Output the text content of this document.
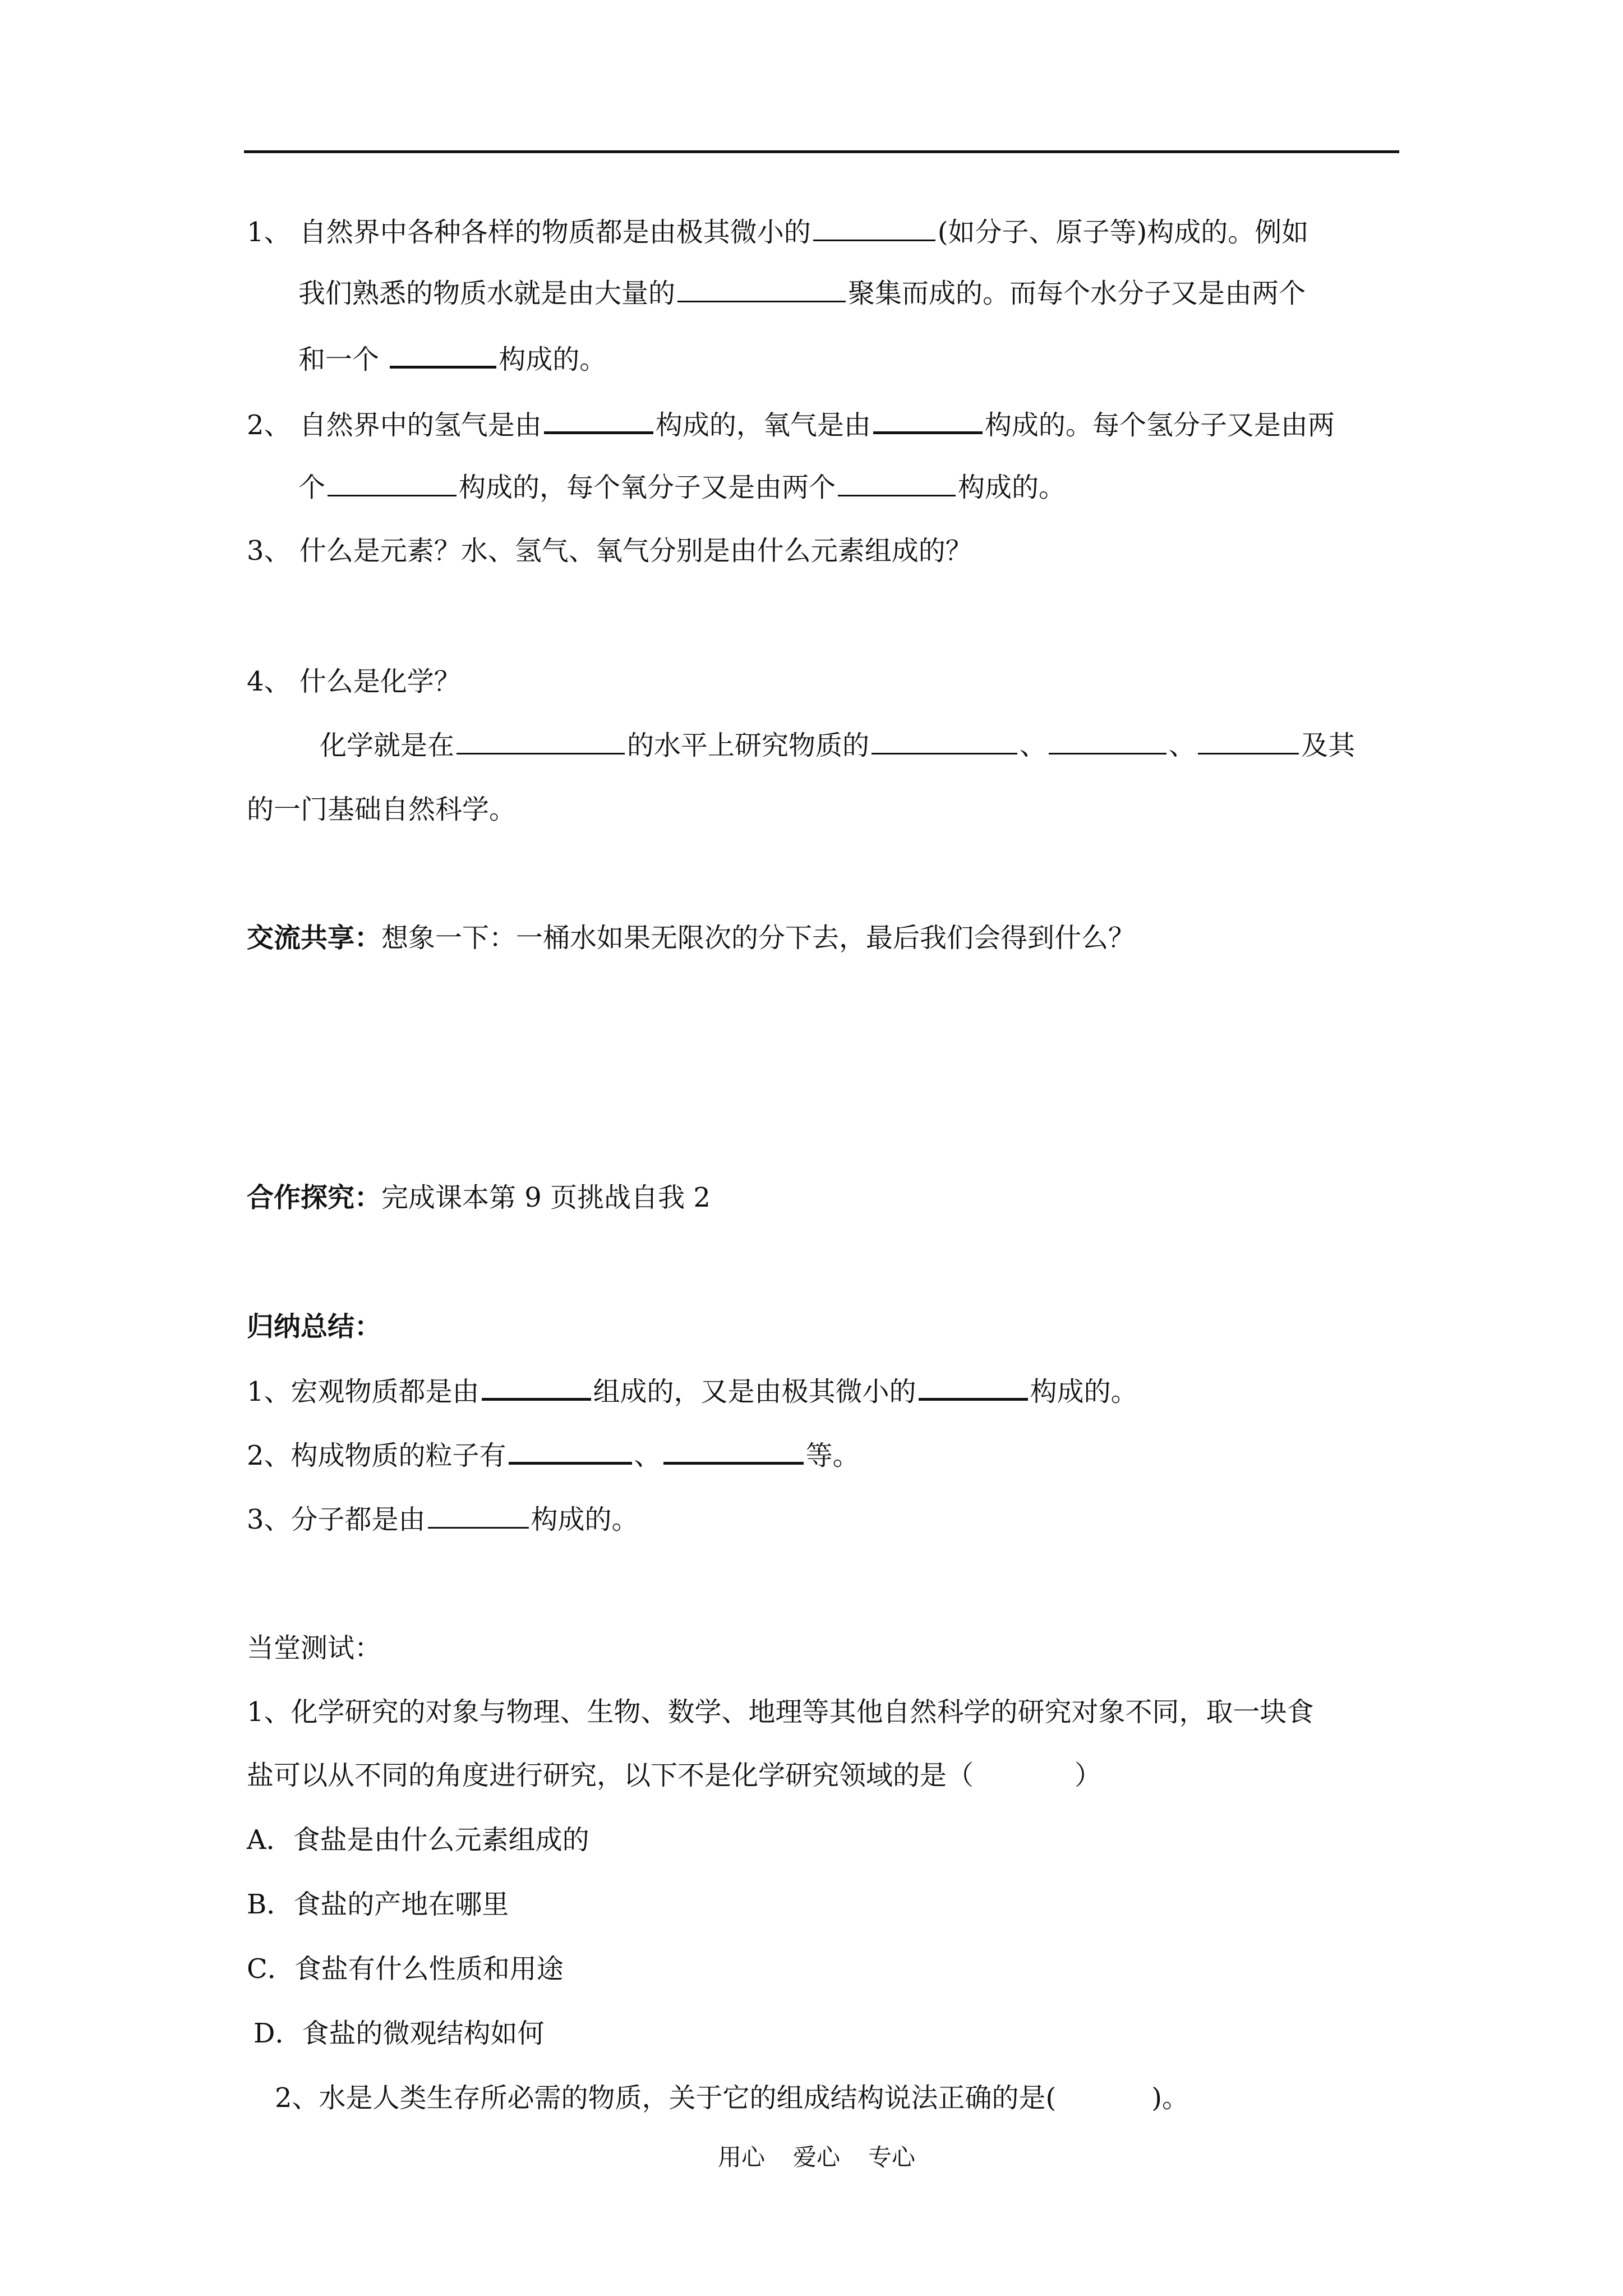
1、 自然界中各种各样的物质都是由极其微小的	(如分子、原子等)构成的。例如
我们熟悉的物质水就是由大量的	聚集而成的。而每个水分子又是由两个
和一个	构成的。
2、 自然界中的氢气是由	构成的，氧气是由	构成的。每个氢分子又是由两
个	构成的，每个氧分子又是由两个	构成的。
3、 什么是元素？水、氢气、氧气分别是由什么元素组成的？
4、 什么是化学？
化学就是在	的水平上研究物质的	、	、	及其
的一门基础自然科学。
交流共享：想象一下：一桶水如果无限次的分下去，最后我们会得到什么？
合作探究：完成课本第 9 页挑战自我 2
归纳总结：
1、宏观物质都是由	组成的，又是由极其微小的	构成的。
2、构成物质的粒子有	、	等。
3、分子都是由	构成的。
当堂测试：
1、化学研究的对象与物理、生物、数学、地理等其他自然科学的研究对象不同，取一块食
盐可以从不同的角度进行研究，以下不是化学研究领域的是（	）
A．食盐是由什么元素组成的
B．食盐的产地在哪里
C．食盐有什么性质和用途
D．食盐的微观结构如何
2、水是人类生存所必需的物质，关于它的组成结构说法正确的是(	)。
用心 爱心 专心
